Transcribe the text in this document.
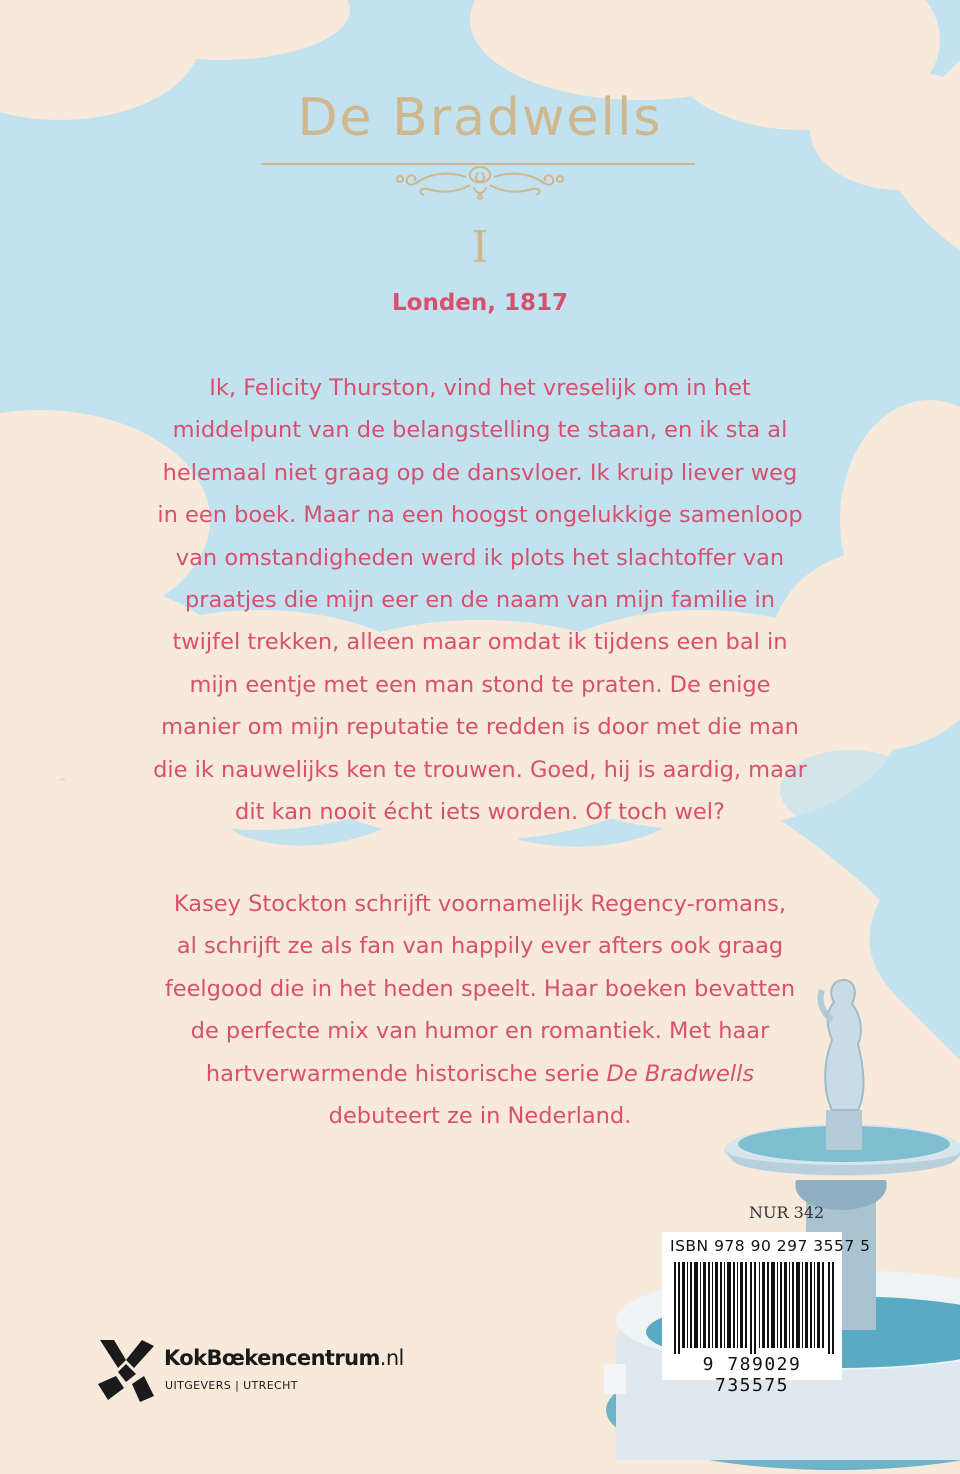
De Bradwells
I
Londen, 1817
Ik, Felicity Thurston, vind het vreselijk om in het
middelpunt van de belangstelling te staan, en ik sta al
helemaal niet graag op de dansvloer. Ik kruip liever weg
in een boek. Maar na een hoogst ongelukkige samenloop
van omstandigheden werd ik plots het slachtoffer van
praatjes die mijn eer en de naam van mijn familie in
twijfel trekken, alleen maar omdat ik tijdens een bal in
mijn eentje met een man stond te praten. De enige
manier om mijn reputatie te redden is door met die man
die ik nauwelijks ken te trouwen. Goed, hij is aardig, maar
dit kan nooit écht iets worden. Of toch wel?
Kasey Stockton schrijft voornamelijk Regency-romans,
al schrijft ze als fan van happily ever afters ook graag
feelgood die in het heden speelt. Haar boeken bevatten
de perfecte mix van humor en romantiek. Met haar
hartverwarmende historische serie De Bradwells
debuteert ze in Nederland.
NUR 342
ISBN 978 90 297 3557 5
9 789029 735575
KokBœkencentrum.nl
UITGEVERS | UTRECHT
